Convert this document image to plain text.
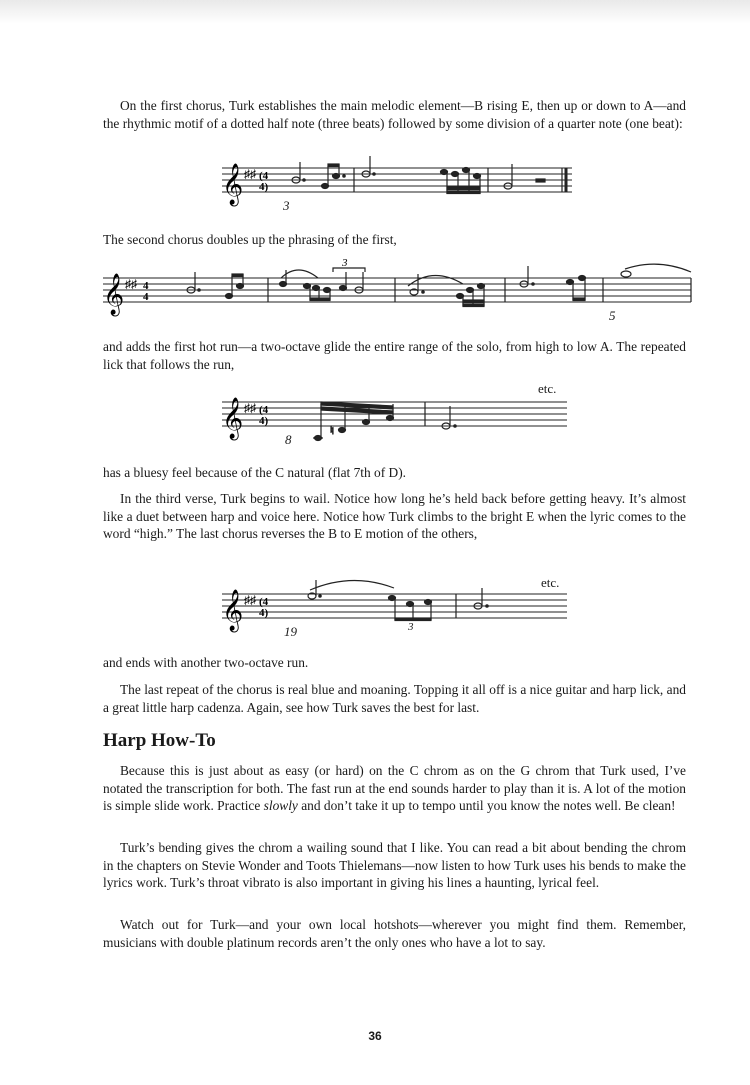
On the first chorus, Turk establishes the main melodic element—B rising E, then up or down to A—and the rhythmic motif of a dotted half note (three beats) followed by some division of a quarter note (one beat):

𝄞 ♯♯ (4
4)
3

The second chorus doubles up the phrasing of the first,

𝄞 ♯♯ 4
4
3
5

and adds the first hot run—a two-octave glide the entire range of the solo, from high to low A. The repeated lick that follows the run,

𝄞 ♯♯ (4
4)
♮
etc.
8

has a bluesy feel because of the C natural (flat 7th of D).

In the third verse, Turk begins to wail. Notice how long he’s held back before getting heavy. It’s almost like a duet between harp and voice here. Notice how Turk climbs to the bright E when the lyric comes to the word “high.” The last chorus reverses the B to E motion of the others,

𝄞 ♯♯ (4
4)
etc.
19	3

and ends with another two-octave run.

The last repeat of the chorus is real blue and moaning. Topping it all off is a nice guitar and harp lick, and a great little harp cadenza. Again, see how Turk saves the best for last.

Harp How-To

Because this is just about as easy (or hard) on the C chrom as on the G chrom that Turk used, I’ve notated the transcription for both. The fast run at the end sounds harder to play than it is. A lot of the motion is simple slide work. Practice slowly and don’t take it up to tempo until you know the notes well. Be clean!

Turk’s bending gives the chrom a wailing sound that I like. You can read a bit about bending the chrom in the chapters on Stevie Wonder and Toots Thielemans—now listen to how Turk uses his bends to make the lyrics work. Turk’s throat vibrato is also important in giving his lines a haunting, lyrical feel.

Watch out for Turk—and your own local hotshots—wherever you might find them. Remember, musicians with double platinum records aren’t the only ones who have a lot to say.

36
